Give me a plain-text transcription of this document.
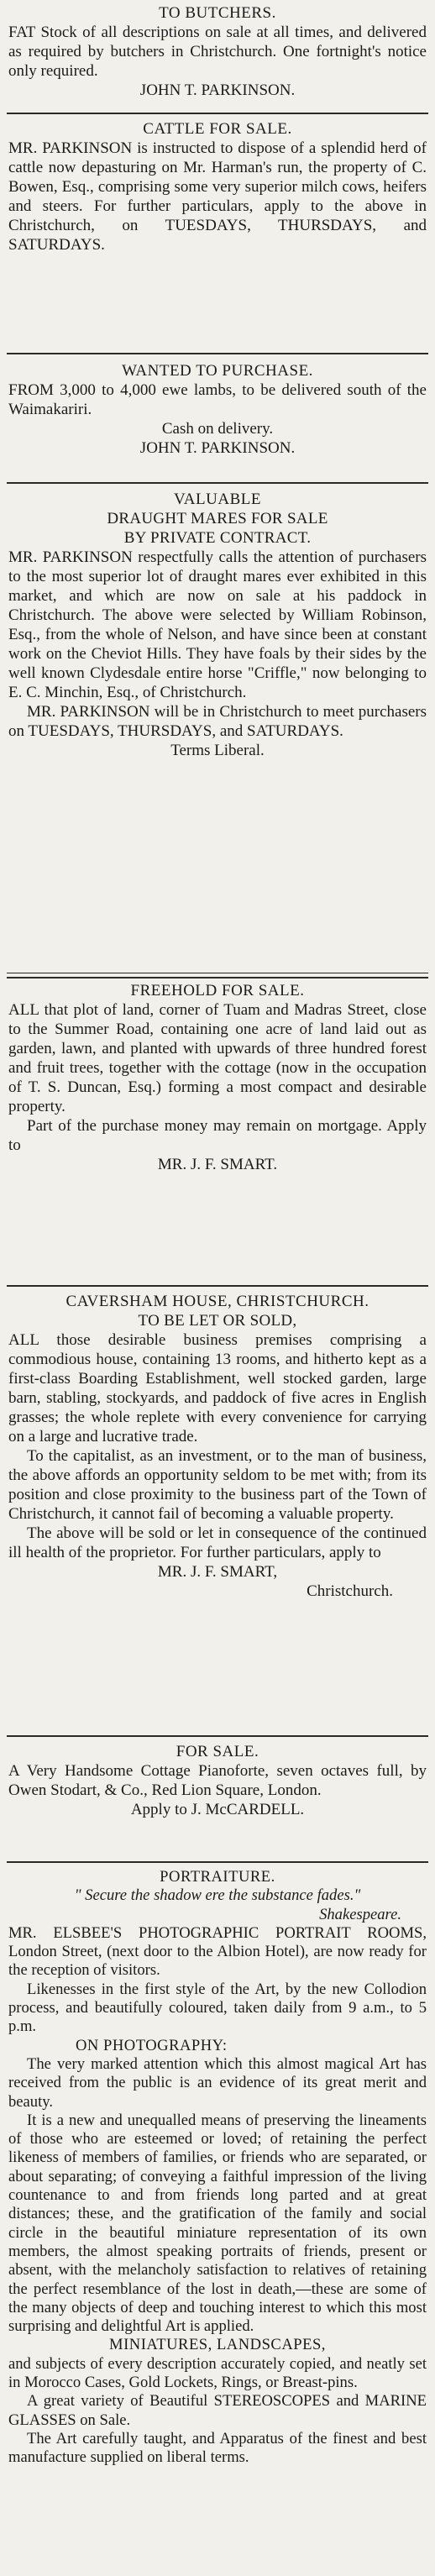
TO BUTCHERS.

FAT Stock of all descriptions on sale at all times, and delivered as required by butchers in Christchurch. One fortnight's notice only required.

JOHN T. PARKINSON.

CATTLE FOR SALE.

MR. PARKINSON is instructed to dispose of a splendid herd of cattle now depasturing on Mr. Harman's run, the property of C. Bowen, Esq., comprising some very superior milch cows, heifers and steers. For further particulars, apply to the above in Christchurch, on TUESDAYS, THURSDAYS, and SATURDAYS.

WANTED TO PURCHASE.

FROM 3,000 to 4,000 ewe lambs, to be delivered south of the Waimakariri.

Cash on delivery.

JOHN T. PARKINSON.

VALUABLE

DRAUGHT MARES FOR SALE

BY PRIVATE CONTRACT.

MR. PARKINSON respectfully calls the attention of purchasers to the most superior lot of draught mares ever exhibited in this market, and which are now on sale at his paddock in Christchurch. The above were selected by William Robinson, Esq., from the whole of Nelson, and have since been at constant work on the Cheviot Hills. They have foals by their sides by the well known Clydesdale entire horse "Criffle," now belonging to E. C. Minchin, Esq., of Christchurch.

MR. PARKINSON will be in Christchurch to meet purchasers on TUESDAYS, THURSDAYS, and SATURDAYS.

Terms Liberal.

FREEHOLD FOR SALE.

ALL that plot of land, corner of Tuam and Madras Street, close to the Summer Road, containing one acre of land laid out as garden, lawn, and planted with upwards of three hundred forest and fruit trees, together with the cottage (now in the occupation of T. S. Duncan, Esq.) forming a most compact and desirable property.

Part of the purchase money may remain on mortgage. Apply to

MR. J. F. SMART.

CAVERSHAM HOUSE, CHRISTCHURCH.

TO BE LET OR SOLD,

ALL those desirable business premises comprising a commodious house, containing 13 rooms, and hitherto kept as a first-class Boarding Establishment, well stocked garden, large barn, stabling, stockyards, and paddock of five acres in English grasses; the whole replete with every convenience for carrying on a large and lucrative trade.

To the capitalist, as an investment, or to the man of business, the above affords an opportunity seldom to be met with; from its position and close proximity to the business part of the Town of Christchurch, it cannot fail of becoming a valuable property.

The above will be sold or let in consequence of the continued ill health of the proprietor. For further particulars, apply to

MR. J. F. SMART,

Christchurch.

FOR SALE.

A Very Handsome Cottage Pianoforte, seven octaves full, by Owen Stodart, & Co., Red Lion Square, London.

Apply to J. McCARDELL.

PORTRAITURE.

" Secure the shadow ere the substance fades."

Shakespeare.

MR. ELSBEE'S PHOTOGRAPHIC PORTRAIT ROOMS, London Street, (next door to the Albion Hotel), are now ready for the reception of visitors.

Likenesses in the first style of the Art, by the new Collodion process, and beautifully coloured, taken daily from 9 a.m., to 5 p.m.

ON PHOTOGRAPHY:

The very marked attention which this almost magical Art has received from the public is an evidence of its great merit and beauty.

It is a new and unequalled means of preserving the lineaments of those who are esteemed or loved; of retaining the perfect likeness of members of families, or friends who are separated, or about separating; of conveying a faithful impression of the living countenance to and from friends long parted and at great distances; these, and the gratification of the family and social circle in the beautiful miniature representation of its own members, the almost speaking portraits of friends, present or absent, with the melancholy satisfaction to relatives of retaining the perfect resemblance of the lost in death,—these are some of the many objects of deep and touching interest to which this most surprising and delightful Art is applied.

MINIATURES, LANDSCAPES,

and subjects of every description accurately copied, and neatly set in Morocco Cases, Gold Lockets, Rings, or Breast-pins.

A great variety of Beautiful STEREOSCOPES and MARINE GLASSES on Sale.

The Art carefully taught, and Apparatus of the finest and best manufacture supplied on liberal terms.
